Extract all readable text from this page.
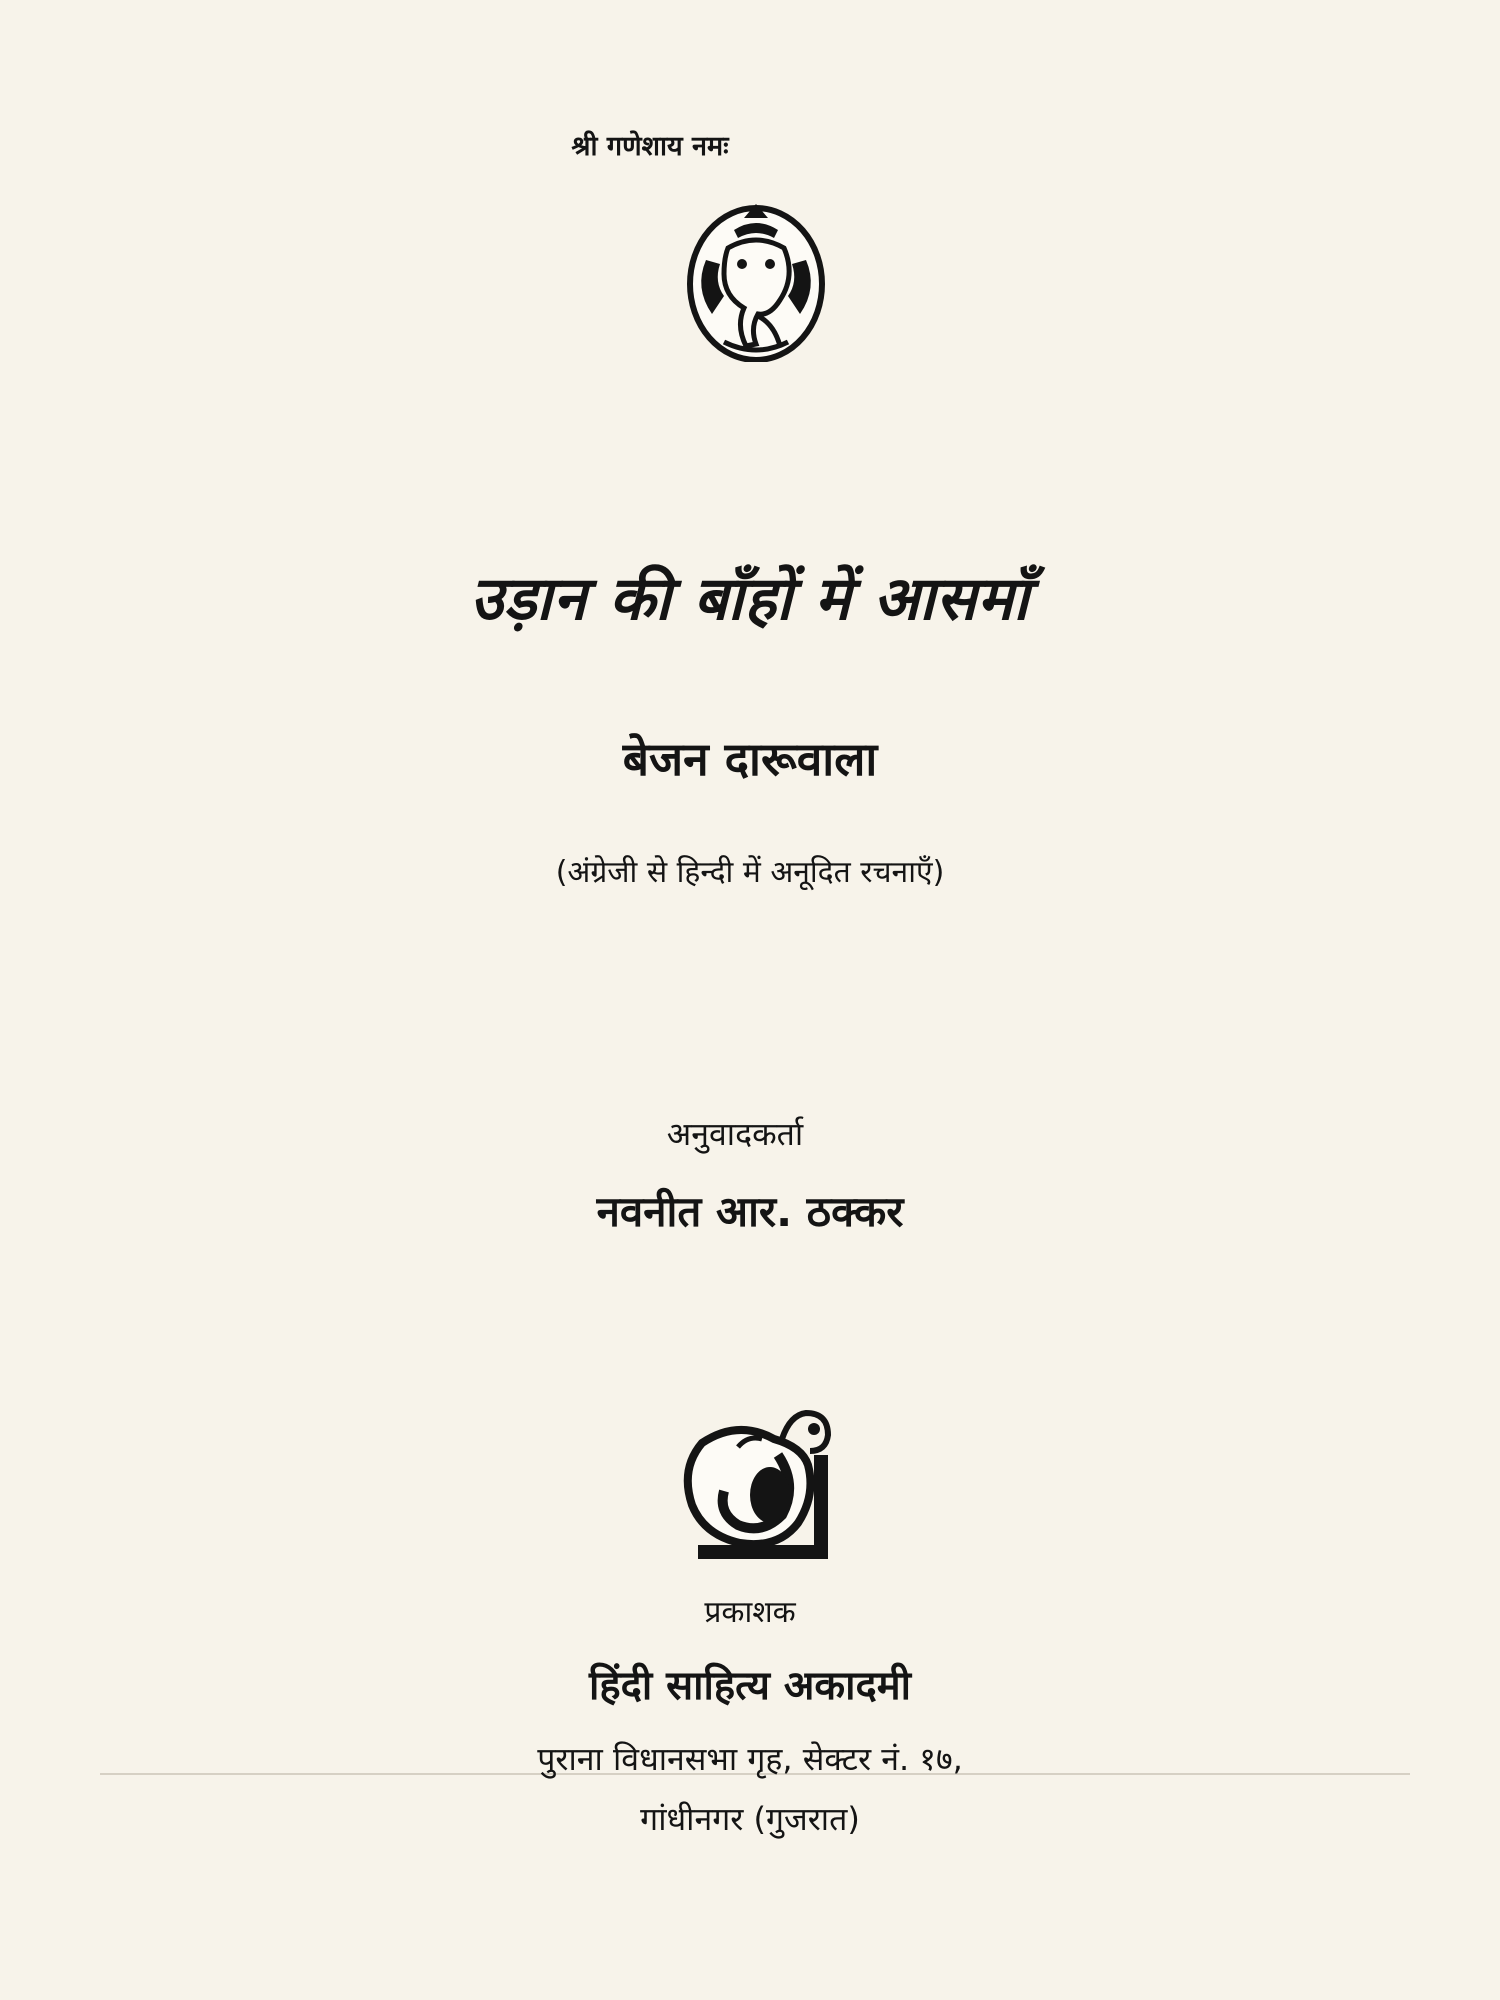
श्री गणेशाय नमः
उड़ान की बाँहों में आसमाँ
बेजन दारूवाला
(अंग्रेजी से हिन्दी में अनूदित रचनाएँ)
अनुवादकर्ता
नवनीत आर. ठक्कर
प्रकाशक
हिंदी साहित्य अकादमी
पुराना विधानसभा गृह, सेक्टर नं. १७,
गांधीनगर (गुजरात)
